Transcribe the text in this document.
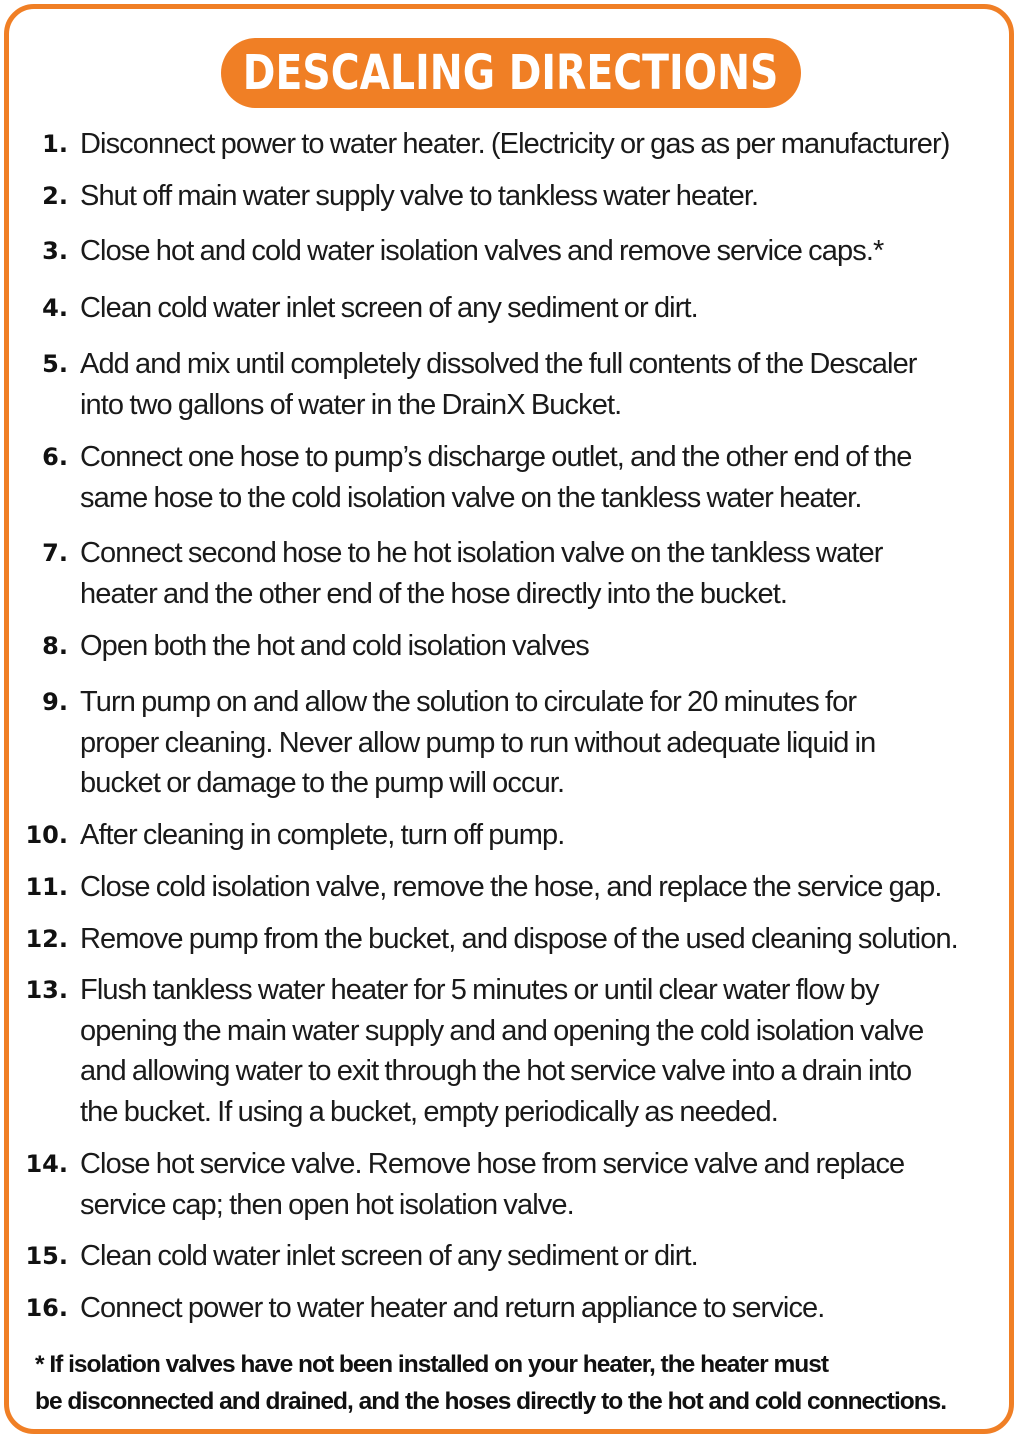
DESCALING DIRECTIONS
1. Disconnect power to water heater. (Electricity or gas as per manufacturer)
2. Shut off main water supply valve to tankless water heater.
3. Close hot and cold water isolation valves and remove service caps.*
4. Clean cold water inlet screen of any sediment or dirt.
5. Add and mix until completely dissolved the full contents of the Descaler
into two gallons of water in the DrainX Bucket.
6. Connect one hose to pump’s discharge outlet, and the other end of the
same hose to the cold isolation valve on the tankless water heater.
7. Connect second hose to he hot isolation valve on the tankless water
heater and the other end of the hose directly into the bucket.
8. Open both the hot and cold isolation valves
9. Turn pump on and allow the solution to circulate for 20 minutes for
proper cleaning. Never allow pump to run without adequate liquid in
bucket or damage to the pump will occur.
10. After cleaning in complete, turn off pump.
11. Close cold isolation valve, remove the hose, and replace the service gap.
12. Remove pump from the bucket, and dispose of the used cleaning solution.
13. Flush tankless water heater for 5 minutes or until clear water flow by
opening the main water supply and and opening the cold isolation valve
and allowing water to exit through the hot service valve into a drain into
the bucket. If using a bucket, empty periodically as needed.
14. Close hot service valve. Remove hose from service valve and replace
service cap; then open hot isolation valve.
15. Clean cold water inlet screen of any sediment or dirt.
16. Connect power to water heater and return appliance to service.
* If isolation valves have not been installed on your heater, the heater must
be disconnected and drained, and the hoses directly to the hot and cold connections.
